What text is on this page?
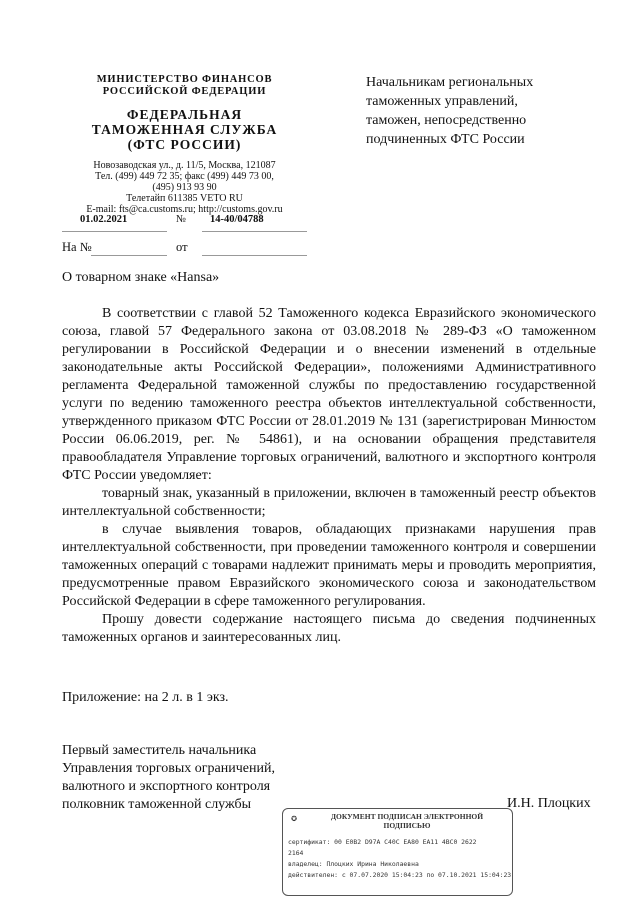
МИНИСТЕРСТВО ФИНАНСОВ
РОССИЙСКОЙ ФЕДЕРАЦИИ
ФЕДЕРАЛЬНАЯ
ТАМОЖЕННАЯ СЛУЖБА
(ФТС РОССИИ)
Новозаводская ул., д. 11/5, Москва, 121087
Тел. (499) 449 72 35; факс (499) 449 73 00,
(495) 913 93 90
Телетайп 611385 VETO RU
E-mail: fts@ca.customs.ru; http://customs.gov.ru
01.02.2021	№ 14-40/04788
На №	от
Начальникам региональных
таможенных управлений,
таможен, непосредственно
подчиненных ФТС России
О товарном знаке «Hansa»

В соответствии с главой 52 Таможенного кодекса Евразийского экономического союза, главой 57 Федерального закона от 03.08.2018 № 289-ФЗ «О таможенном регулировании в Российской Федерации и о внесении изменений в отдельные законодательные акты Российской Федерации», положениями Административного регламента Федеральной таможенной службы по предоставлению государственной услуги по ведению таможенного реестра объектов интеллектуальной собственности, утвержденного приказом ФТС России от 28.01.2019 № 131 (зарегистрирован Минюстом России 06.06.2019, рег. № 54861), и на основании обращения представителя правообладателя Управление торговых ограничений, валютного и экспортного контроля ФТС России уведомляет:

товарный знак, указанный в приложении, включен в таможенный реестр объектов интеллектуальной собственности;

в случае выявления товаров, обладающих признаками нарушения прав интеллектуальной собственности, при проведении таможенного контроля и совершении таможенных операций с товарами надлежит принимать меры и проводить мероприятия, предусмотренные правом Евразийского экономического союза и законодательством Российской Федерации в сфере таможенного регулирования.

Прошу довести содержание настоящего письма до сведения подчиненных таможенных органов и заинтересованных лиц.

Приложение: на 2 л. в 1 экз.
Первый заместитель начальника
Управления торговых ограничений,
валютного и экспортного контроля
полковник таможенной службы	И.Н. Плоцких
✪	ДОКУМЕНТ ПОДПИСАН ЭЛЕКТРОННОЙ
ПОДПИСЬЮ
сертификат: 00 E0B2 D97A C40C EA80 EA11 4BC0 2622
2164
владелец: Плоцких Ирина Николаевна
действителен: с 07.07.2020 15:04:23 по 07.10.2021 15:04:23
